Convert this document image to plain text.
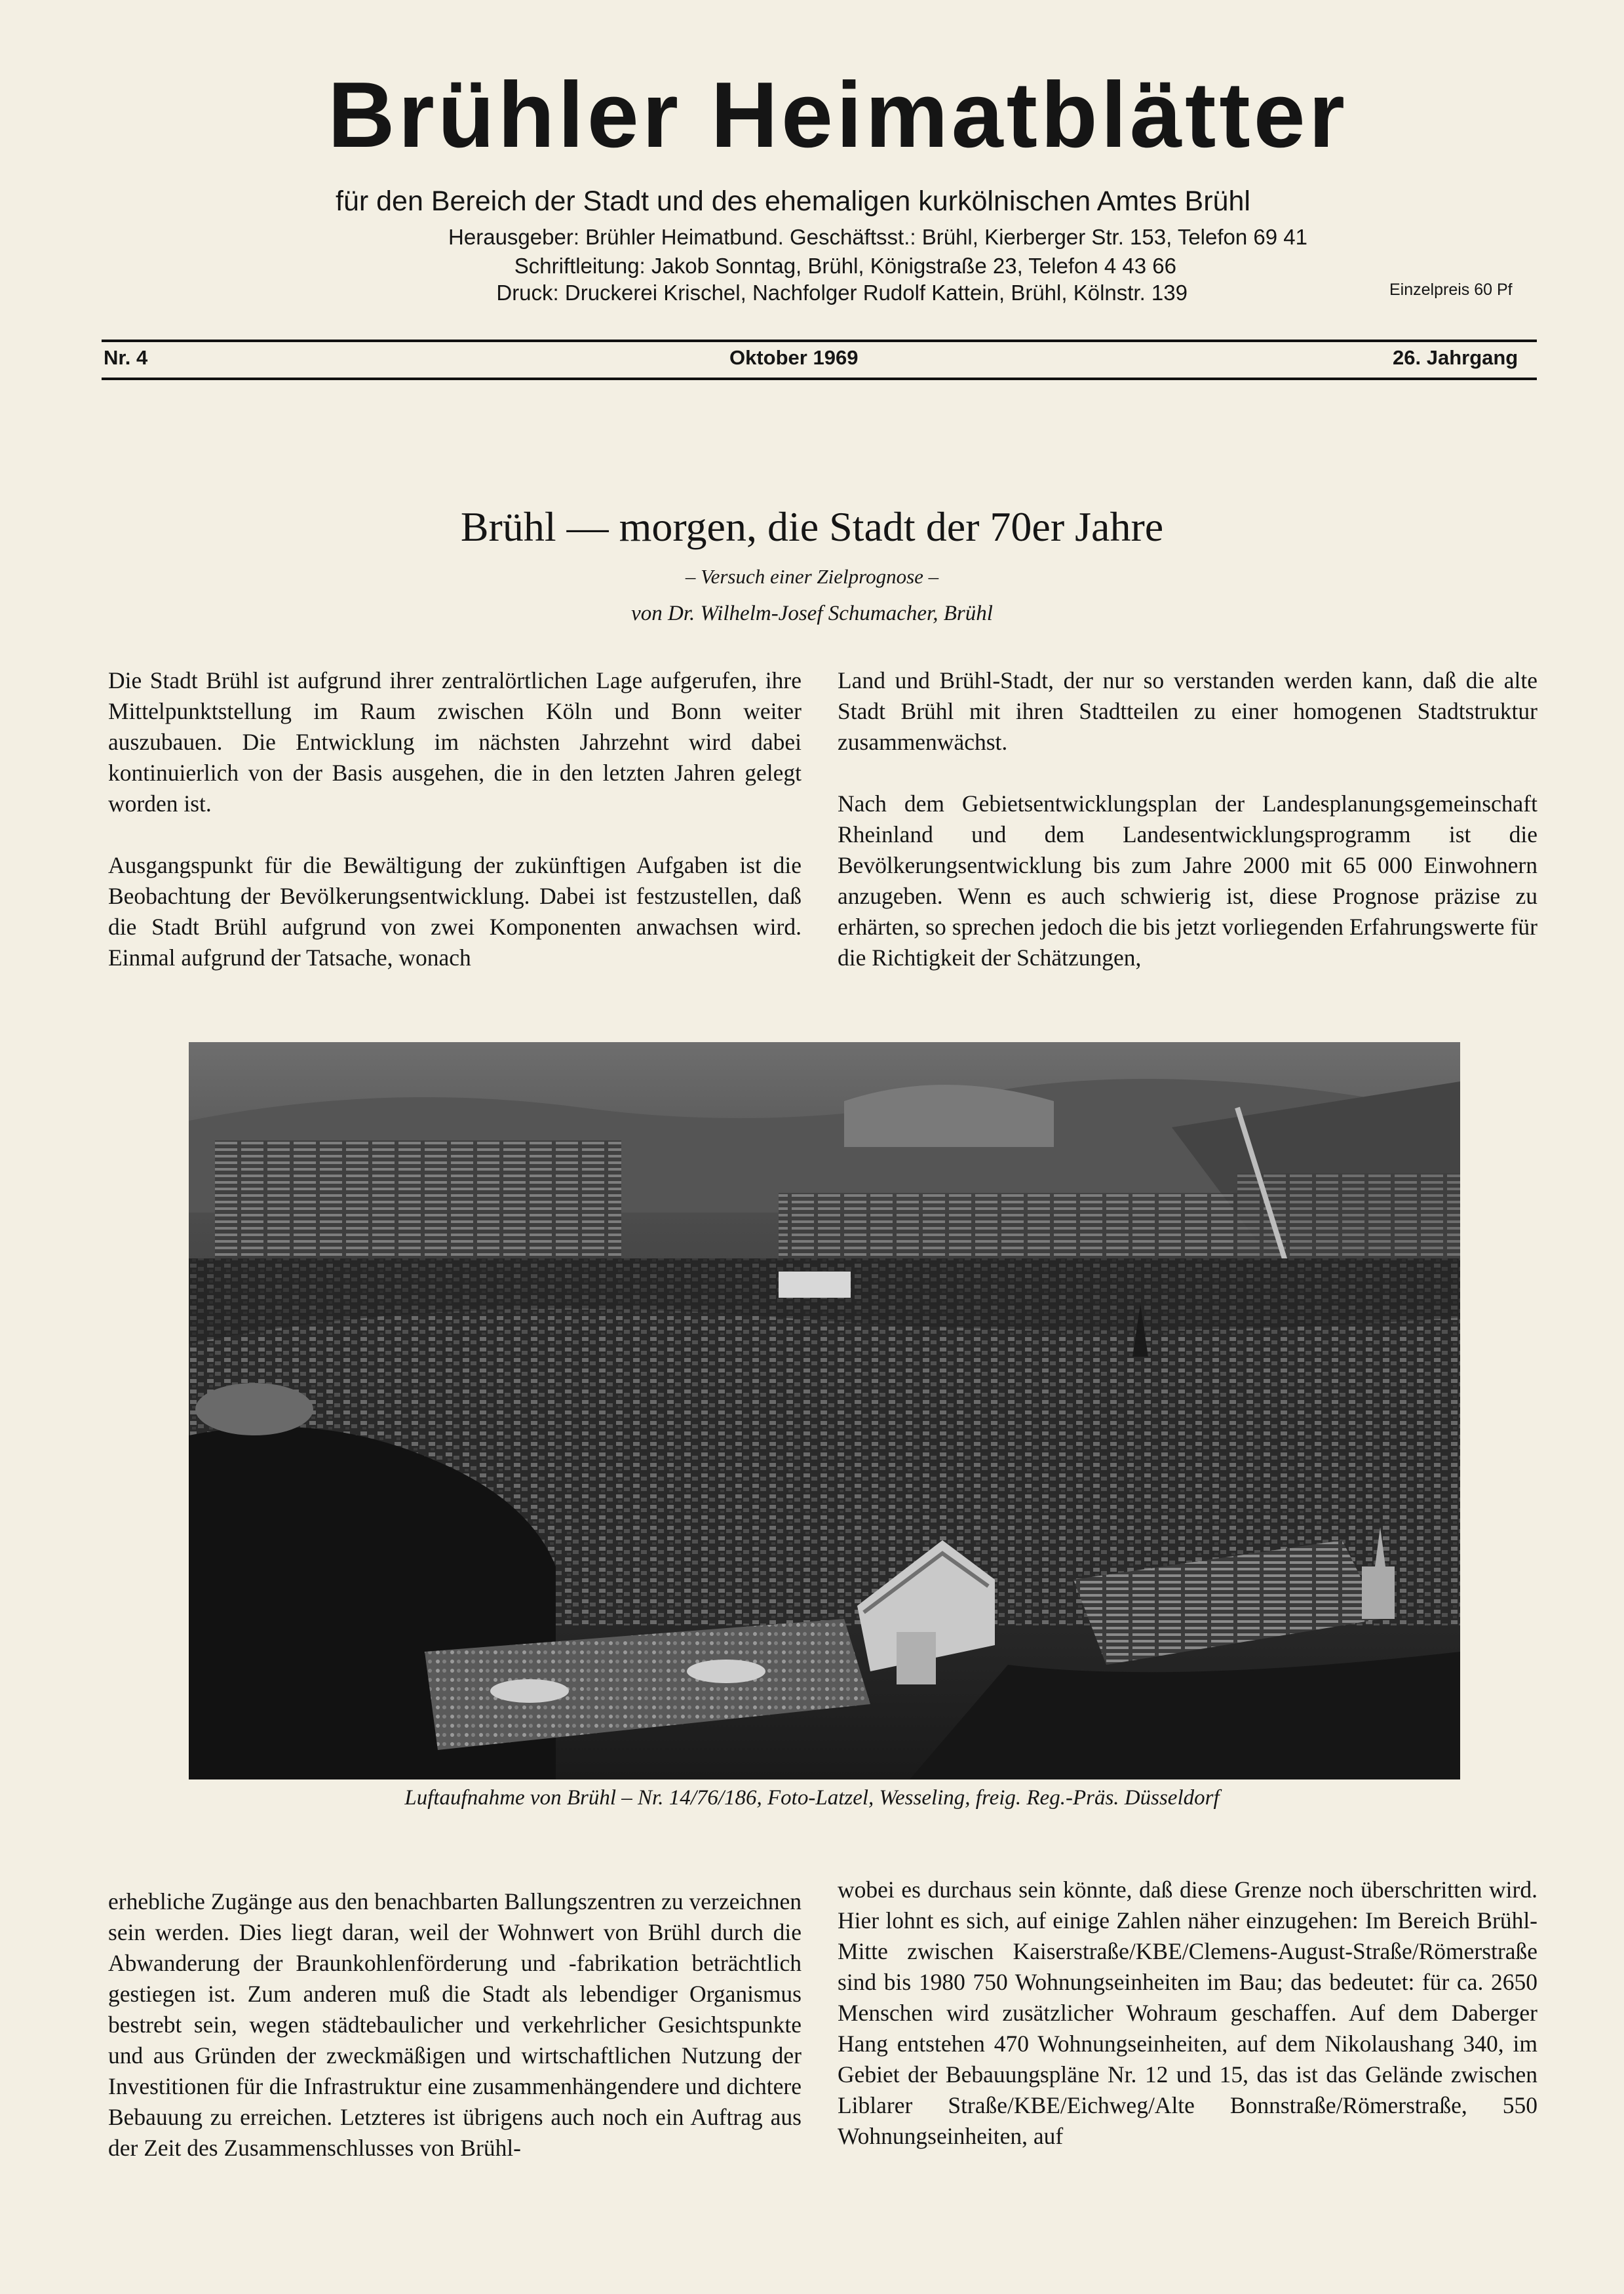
Brühler Heimatblätter
für den Bereich der Stadt und des ehemaligen kurkölnischen Amtes Brühl
Herausgeber: Brühler Heimatbund. Geschäftsst.: Brühl, Kierberger Str. 153, Telefon 69 41
Schriftleitung: Jakob Sonntag, Brühl, Königstraße 23, Telefon 4 43 66
Druck: Druckerei Krischel, Nachfolger Rudolf Kattein, Brühl, Kölnstr. 139	Einzelpreis 60 Pf
Nr. 4	Oktober 1969	26. Jahrgang
Brühl — morgen, die Stadt der 70er Jahre
– Versuch einer Zielprognose –
von Dr. Wilhelm-Josef Schumacher, Brühl

Die Stadt Brühl ist aufgrund ihrer zentralörtlichen Lage aufgerufen, ihre Mittelpunktstellung im Raum zwischen Köln und Bonn weiter auszubauen. Die Entwicklung im nächsten Jahrzehnt wird dabei kontinuierlich von der Basis ausgehen, die in den letzten Jahren gelegt worden ist.

Ausgangspunkt für die Bewältigung der zukünftigen Aufgaben ist die Beobachtung der Bevölkerungsentwicklung. Dabei ist festzustellen, daß die Stadt Brühl aufgrund von zwei Komponenten anwachsen wird. Einmal aufgrund der Tatsache, wonach

Land und Brühl-Stadt, der nur so verstanden werden kann, daß die alte Stadt Brühl mit ihren Stadtteilen zu einer homogenen Stadtstruktur zusammenwächst.

Nach dem Gebietsentwicklungsplan der Landesplanungsgemeinschaft Rheinland und dem Landesentwicklungsprogramm ist die Bevölkerungsentwicklung bis zum Jahre 2000 mit 65 000 Einwohnern anzugeben. Wenn es auch schwierig ist, diese Prognose präzise zu erhärten, so sprechen jedoch die bis jetzt vorliegenden Erfahrungswerte für die Richtigkeit der Schätzungen,

Luftaufnahme von Brühl – Nr. 14/76/186, Foto-Latzel, Wesseling, freig. Reg.-Präs. Düsseldorf

erhebliche Zugänge aus den benachbarten Ballungszentren zu verzeichnen sein werden. Dies liegt daran, weil der Wohnwert von Brühl durch die Abwanderung der Braunkohlenförderung und -fabrikation beträchtlich gestiegen ist. Zum anderen muß die Stadt als lebendiger Organismus bestrebt sein, wegen städtebaulicher und verkehrlicher Gesichtspunkte und aus Gründen der zweckmäßigen und wirtschaftlichen Nutzung der Investitionen für die Infrastruktur eine zusammenhängendere und dichtere Bebauung zu erreichen. Letzteres ist übrigens auch noch ein Auftrag aus der Zeit des Zusammenschlusses von Brühl-

wobei es durchaus sein könnte, daß diese Grenze noch überschritten wird. Hier lohnt es sich, auf einige Zahlen näher einzugehen: Im Bereich Brühl-Mitte zwischen Kaiserstraße/KBE/Clemens-August-Straße/Römerstraße sind bis 1980 750 Wohnungseinheiten im Bau; das bedeutet: für ca. 2650 Menschen wird zusätzlicher Wohraum geschaffen. Auf dem Daberger Hang entstehen 470 Wohnungseinheiten, auf dem Nikolaushang 340, im Gebiet der Bebauungspläne Nr. 12 und 15, das ist das Gelände zwischen Liblarer Straße/KBE/Eichweg/Alte Bonnstraße/Römerstraße, 550 Wohnungseinheiten, auf
